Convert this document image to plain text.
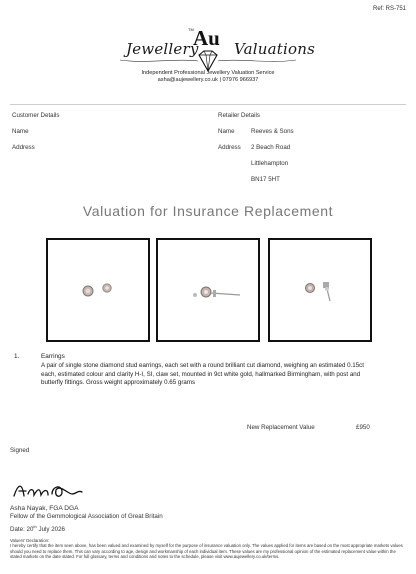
Ref: RS-751
TM
Jewellery
Au Valuations
Independent Professional Jewellery Valuation Service
asha@aujewellery.co.uk | 07976 966937
Customer Details
Name
Address
Retailer Details
Name	Reeves & Sons
Address 2 Beach Road
Littlehampton
BN17 5HT
Valuation for Insurance Replacement
1.	Earrings
A pair of single stone diamond stud earrings, each set with a round brilliant cut diamond, weighing an estimated 0.15ct each, estimated colour and clarity H-I, SI, claw set, mounted in 9ct white gold, hallmarked Birmingham, with post and butterfly fittings. Gross weight approximately 0.65 grams
New Replacement Value	£950
Signed
Asha Nayak, FGA DGA
Fellow of the Gemmological Association of Great Britain
Date: 20th July 2026
Valuers' Declaration:
I hereby certify that the item seen above, has been valued and examined by myself for the purpose of insurance valuation only. The values applied for items are based on the most appropriate markets values should you need to replace them. This can vary according to age, design and workmanship of each individual item. These values are my professional opinion of the estimated replacement value within the stated markets on the date stated. For full glossary, terms and conditions and notes to the schedule, please visit www.aujewellery.co.uk/terms.
